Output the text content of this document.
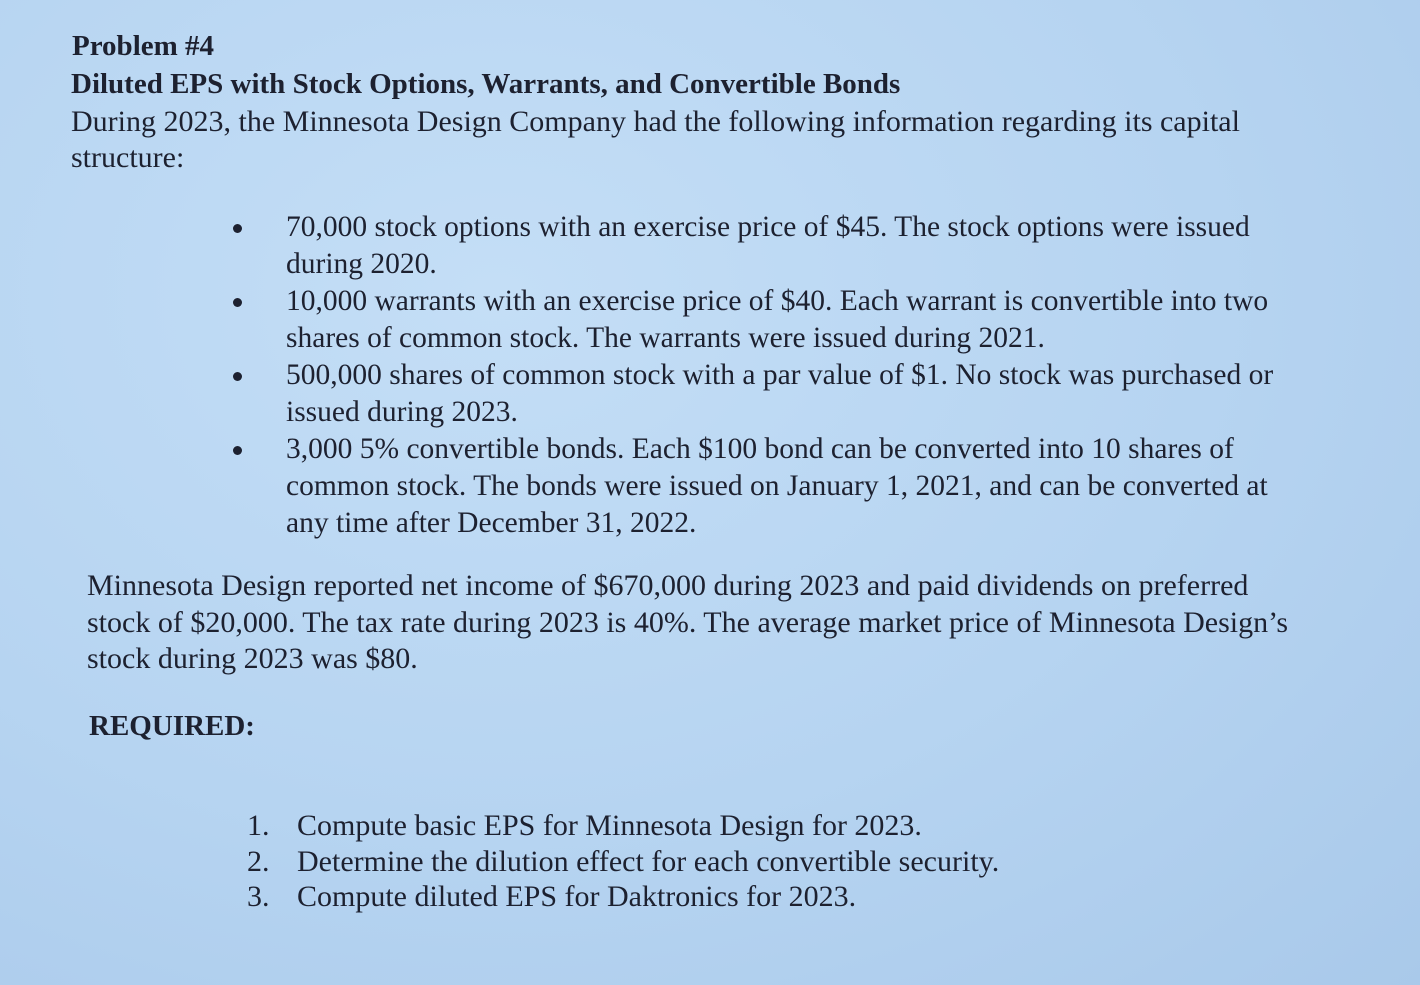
Problem #4
Diluted EPS with Stock Options, Warrants, and Convertible Bonds
During 2023, the Minnesota Design Company had the following information regarding its capital structure:
70,000 stock options with an exercise price of $45. The stock options were issued during 2020.
10,000 warrants with an exercise price of $40. Each warrant is convertible into two shares of common stock. The warrants were issued during 2021.
500,000 shares of common stock with a par value of $1. No stock was purchased or issued during 2023.
3,000 5% convertible bonds. Each $100 bond can be converted into 10 shares of common stock. The bonds were issued on January 1, 2021, and can be converted at any time after December 31, 2022.
Minnesota Design reported net income of $670,000 during 2023 and paid dividends on preferred stock of $20,000. The tax rate during 2023 is 40%. The average market price of Minnesota Design’s stock during 2023 was $80.
REQUIRED:
1. Compute basic EPS for Minnesota Design for 2023.
2. Determine the dilution effect for each convertible security.
3. Compute diluted EPS for Daktronics for 2023.
